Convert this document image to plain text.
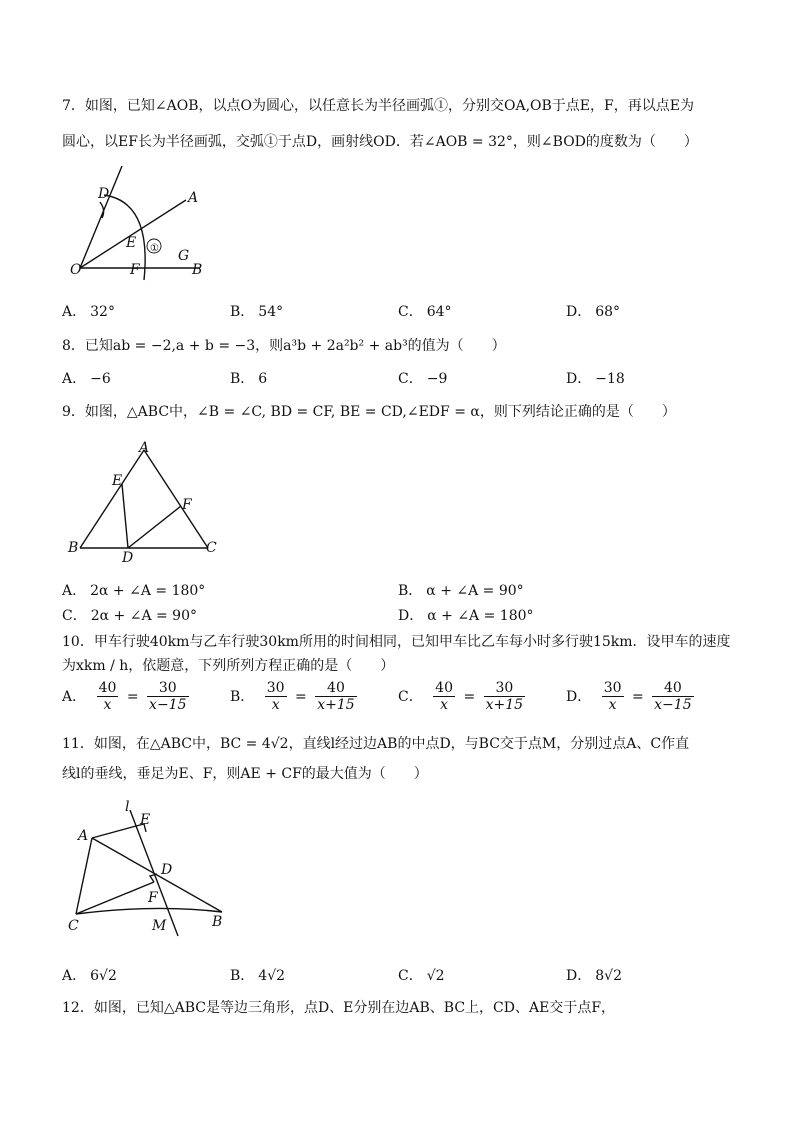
7．如图，已知∠AOB，以点O为圆心，以任意长为半径画弧①，分别交OA,OB于点E，F，再以点E为
圆心，以EF长为半径画弧，交弧①于点D，画射线OD．若∠AOB = 32°，则∠BOD的度数为（　　）
D	A
E ① G
O	F	B
A． 32°	B． 54°	C． 64°	D． 68°
8．已知ab = −2,a + b = −3，则a³b + 2a²b² + ab³的值为（　　）
A． −6	B． 6	C． −9	D． −18
9．如图，△ABC中，∠B = ∠C, BD = CF, BE = CD,∠EDF = α，则下列结论正确的是（　　）
A
E
F
B
D
C
A． 2α + ∠A = 180°	B． α + ∠A = 90°
C． 2α + ∠A = 90°	D． α + ∠A = 180°
10．甲车行驶40km与乙车行驶30km所用的时间相同，已知甲车比乙车每小时多行驶15km．设甲车的速度
为xkm / h，依题意，下列所列方程正确的是（　　）
A． $\frac{40}{x} = \frac{30}{x-15}$	B． $\frac{30}{x} = \frac{40}{x+15}$	C． $\frac{40}{x} = \frac{30}{x+15}$	D． $\frac{30}{x} = \frac{40}{x-15}$
11．如图，在△ABC中，BC = 4√2，直线l经过边AB的中点D，与BC交于点M，分别过点A、C作直
线l的垂线，垂足为E、F，则AE + CF的最大值为（　　）
l
E
A
D
F
C	M	B
A． 6√2	B． 4√2	C． √2	D． 8√2
12．如图，已知△ABC是等边三角形，点D、E分别在边AB、BC上，CD、AE交于点F，
